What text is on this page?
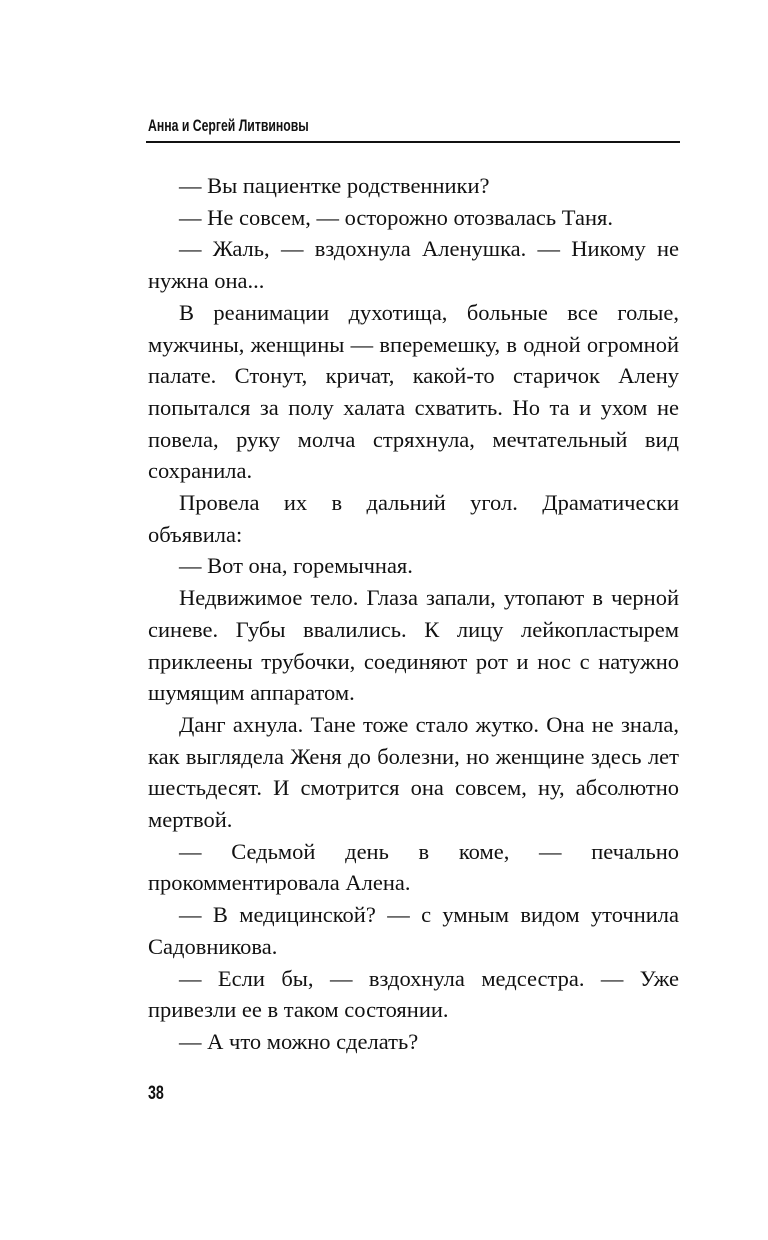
Анна и Сергей Литвиновы

— Вы пациентке родственники?

— Не совсем, — осторожно отозвалась Таня.

— Жаль, — вздохнула Аленушка. — Никому не нужна она...

В реанимации духотища, больные все голые, мужчины, женщины — вперемешку, в одной огромной палате. Стонут, кричат, какой-то старичок Алену попытался за полу халата схватить. Но та и ухом не повела, руку молча стряхнула, мечтательный вид сохранила.

Провела их в дальний угол. Драматически объявила:

— Вот она, горемычная.

Недвижимое тело. Глаза запали, утопают в черной синеве. Губы ввалились. К лицу лейкопластырем приклеены трубочки, соединяют рот и нос с натужно шумящим аппаратом.

Данг ахнула. Тане тоже стало жутко. Она не знала, как выглядела Женя до болезни, но женщине здесь лет шестьдесят. И смотрится она совсем, ну, абсолютно мертвой.

— Седьмой день в коме, — печально прокомментировала Алена.

— В медицинской? — с умным видом уточнила Садовникова.

— Если бы, — вздохнула медсестра. — Уже привезли ее в таком состоянии.

— А что можно сделать?

38
